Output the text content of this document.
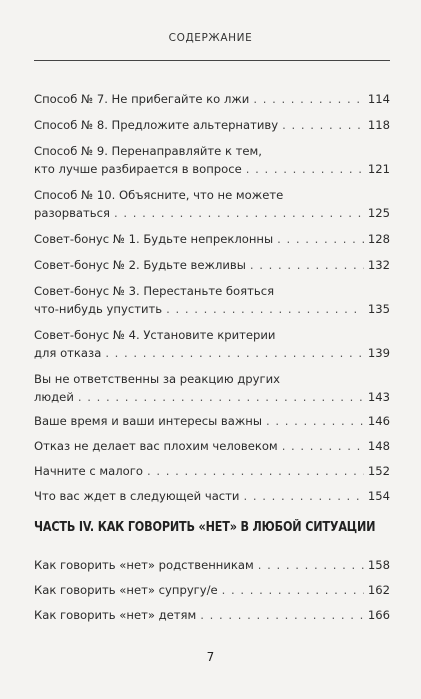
СОДЕРЖАНИЕ
Способ № 7. Не прибегайте ко лжи . . .	114
Способ № 8. Предложите альтернативу . . .	118
Способ № 9. Перенаправляйте к тем,
кто лучше разбирается в вопросе . . .	121
Способ № 10. Объясните, что не можете
разорваться . . .	125
Совет-бонус № 1. Будьте непреклонны . . .	128
Совет-бонус № 2. Будьте вежливы . . .	132
Совет-бонус № 3. Перестаньте бояться
что-нибудь упустить . . .	135
Совет-бонус № 4. Установите критерии
для отказа . . .	139
Вы не ответственны за реакцию других
людей . . .	143
Ваше время и ваши интересы важны . . .	146
Отказ не делает вас плохим человеком . . .	148
Начните с малого . . .	152
Что вас ждет в следующей части . . .	154
ЧАСТЬ IV. КАК ГОВОРИТЬ «НЕТ» В ЛЮБОЙ СИТУАЦИИ
Как говорить «нет» родственникам . . .	158
Как говорить «нет» супругу/е . . .	162
Как говорить «нет» детям . . .	166
7
